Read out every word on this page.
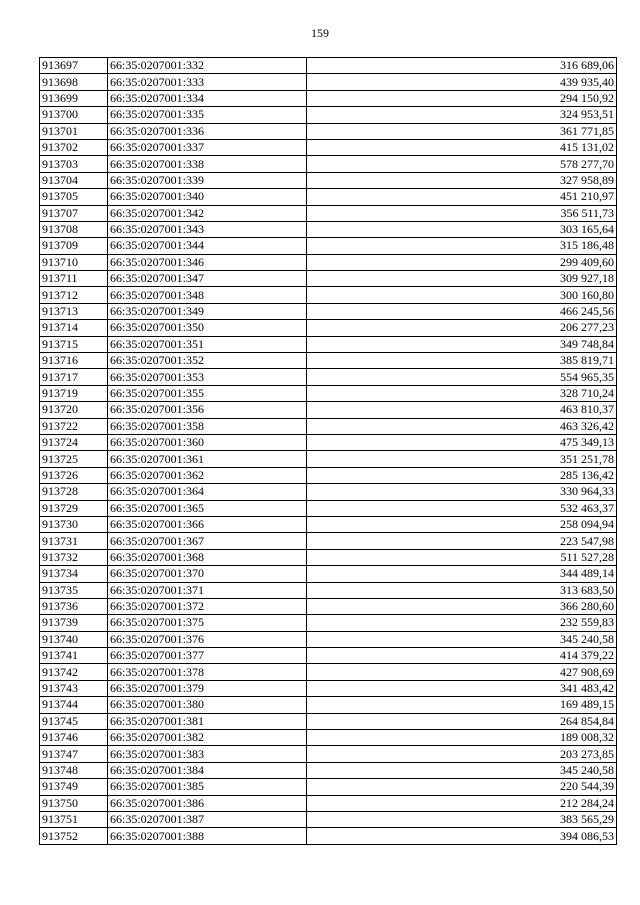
159
913697	66:35:0207001:332	316 689,06
913698	66:35:0207001:333	439 935,40
913699	66:35:0207001:334	294 150,92
913700	66:35:0207001:335	324 953,51
913701	66:35:0207001:336	361 771,85
913702	66:35:0207001:337	415 131,02
913703	66:35:0207001:338	578 277,70
913704	66:35:0207001:339	327 958,89
913705	66:35:0207001:340	451 210,97
913707	66:35:0207001:342	356 511,73
913708	66:35:0207001:343	303 165,64
913709	66:35:0207001:344	315 186,48
913710	66:35:0207001:346	299 409,60
913711	66:35:0207001:347	309 927,18
913712	66:35:0207001:348	300 160,80
913713	66:35:0207001:349	466 245,56
913714	66:35:0207001:350	206 277,23
913715	66:35:0207001:351	349 748,84
913716	66:35:0207001:352	385 819,71
913717	66:35:0207001:353	554 965,35
913719	66:35:0207001:355	328 710,24
913720	66:35:0207001:356	463 810,37
913722	66:35:0207001:358	463 326,42
913724	66:35:0207001:360	475 349,13
913725	66:35:0207001:361	351 251,78
913726	66:35:0207001:362	285 136,42
913728	66:35:0207001:364	330 964,33
913729	66:35:0207001:365	532 463,37
913730	66:35:0207001:366	258 094,94
913731	66:35:0207001:367	223 547,98
913732	66:35:0207001:368	511 527,28
913734	66:35:0207001:370	344 489,14
913735	66:35:0207001:371	313 683,50
913736	66:35:0207001:372	366 280,60
913739	66:35:0207001:375	232 559,83
913740	66:35:0207001:376	345 240,58
913741	66:35:0207001:377	414 379,22
913742	66:35:0207001:378	427 908,69
913743	66:35:0207001:379	341 483,42
913744	66:35:0207001:380	169 489,15
913745	66:35:0207001:381	264 854,84
913746	66:35:0207001:382	189 008,32
913747	66:35:0207001:383	203 273,85
913748	66:35:0207001:384	345 240,58
913749	66:35:0207001:385	220 544,39
913750	66:35:0207001:386	212 284,24
913751	66:35:0207001:387	383 565,29
913752	66:35:0207001:388	394 086,53
